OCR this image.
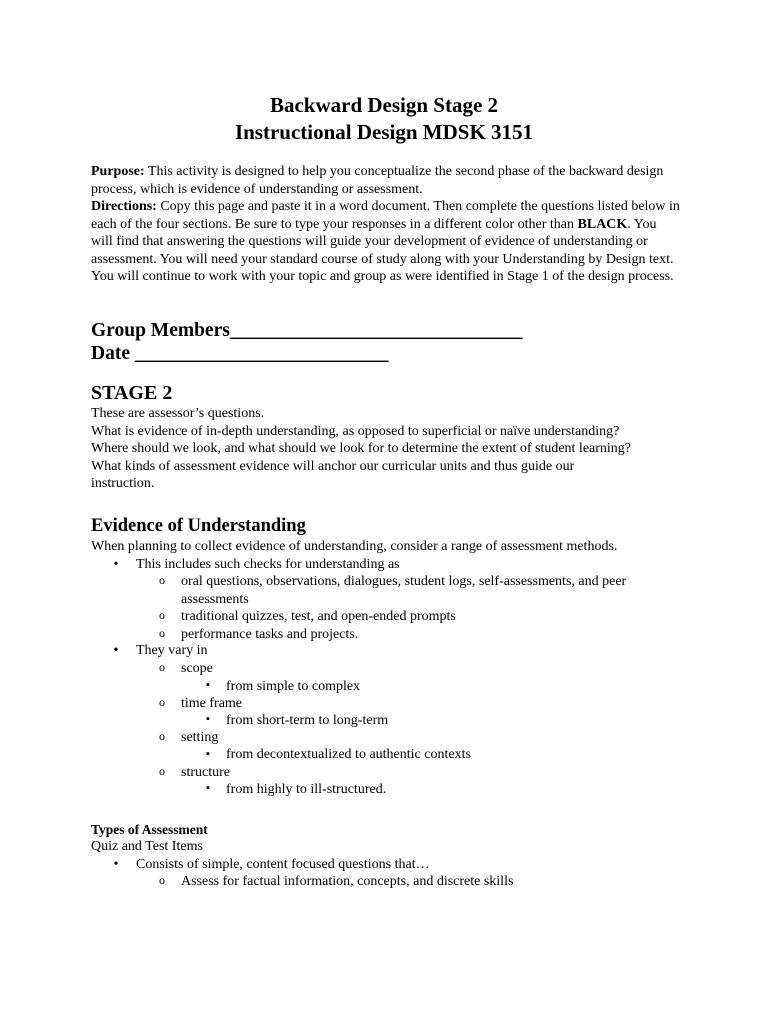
Backward Design Stage 2

Instructional Design MDSK 3151

Purpose: This activity is designed to help you conceptualize the second phase of the backward design process, which is evidence of understanding or assessment.

Directions: Copy this page and paste it in a word document. Then complete the questions listed below in each of the four sections. Be sure to type your responses in a different color other than BLACK. You will find that answering the questions will guide your development of evidence of understanding or assessment. You will need your standard course of study along with your Understanding by Design text. You will continue to work with your topic and group as were identified in Stage 1 of the design process.

Group Members______________________________

Date __________________________

STAGE 2

These are assessor’s questions.

What is evidence of in-depth understanding, as opposed to superficial or naïve understanding?

Where should we look, and what should we look for to determine the extent of student learning?

What kinds of assessment evidence will anchor our curricular units and thus guide our

instruction.

Evidence of Understanding

When planning to collect evidence of understanding, consider a range of assessment methods.

•	This includes such checks for understanding as

o oral questions, observations, dialogues, student logs, self-assessments, and peer

assessments

o traditional quizzes, test, and open-ended prompts

o performance tasks and projects.

•	They vary in

o scope

▪	from simple to complex

o time frame

▪	from short-term to long-term

o setting

▪	from decontextualized to authentic contexts

o structure

▪	from highly to ill-structured.

Types of Assessment

Quiz and Test Items

•	Consists of simple, content focused questions that…

o Assess for factual information, concepts, and discrete skills
